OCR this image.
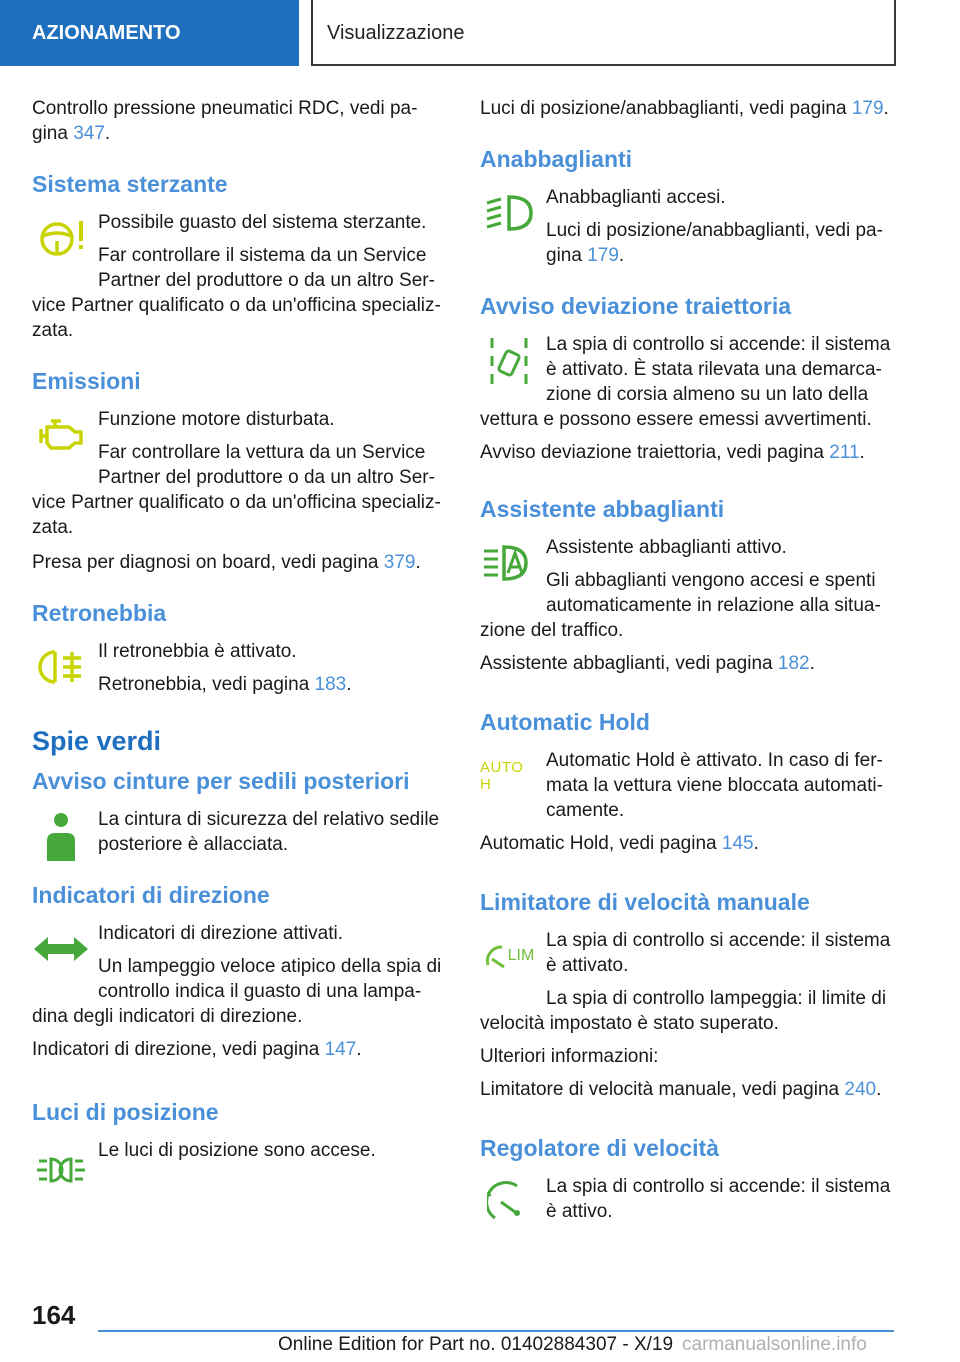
AZIONAMENTO	Visualizzazione

Controllo pressione pneumatici RDC, vedi pa-gina 347.

Sistema sterzante

Possibile guasto del sistema sterzante.

Far controllare il sistema da un Service Partner del produttore o da un altro Ser-

vice Partner qualificato o da un'officina specializ-zata.

Emissioni

Funzione motore disturbata.

Far controllare la vettura da un Service Partner del produttore o da un altro Ser-

vice Partner qualificato o da un'officina specializ-zata.

Presa per diagnosi on board, vedi pagina 379.

Retronebbia

Il retronebbia è attivato.

Retronebbia, vedi pagina 183.

Spie verdi
Avviso cinture per sedili posteriori

La cintura di sicurezza del relativo sedile posteriore è allacciata.

Indicatori di direzione

Indicatori di direzione attivati.

Un lampeggio veloce atipico della spia di controllo indica il guasto di una lampa-

dina degli indicatori di direzione.

Indicatori di direzione, vedi pagina 147.

Luci di posizione

Le luci di posizione sono accese.

Luci di posizione/anabbaglianti, vedi pagina 179.

Anabbaglianti

Anabbaglianti accesi.

Luci di posizione/anabbaglianti, vedi pa-gina 179.

Avviso deviazione traiettoria

La spia di controllo si accende: il sistema è attivato. È stata rilevata una demarca-zione di corsia almeno su un lato della

vettura e possono essere emessi avvertimenti.

Avviso deviazione traiettoria, vedi pagina 211.

Assistente abbaglianti

Assistente abbaglianti attivo.

Gli abbaglianti vengono accesi e spenti automaticamente in relazione alla situa-

zione del traffico.

Assistente abbaglianti, vedi pagina 182.

Automatic Hold
AUTO H

Automatic Hold è attivato. In caso di fer-mata la vettura viene bloccata automati-camente.

Automatic Hold, vedi pagina 145.

Limitatore di velocità manuale
LIM

La spia di controllo si accende: il sistema è attivato.

La spia di controllo lampeggia: il limite di

velocità impostato è stato superato.

Ulteriori informazioni:

Limitatore di velocità manuale, vedi pagina 240.

Regolatore di velocità

La spia di controllo si accende: il sistema è attivo.

164
Online Edition for Part no. 01402884307 - X/19 carmanualsonline.info
